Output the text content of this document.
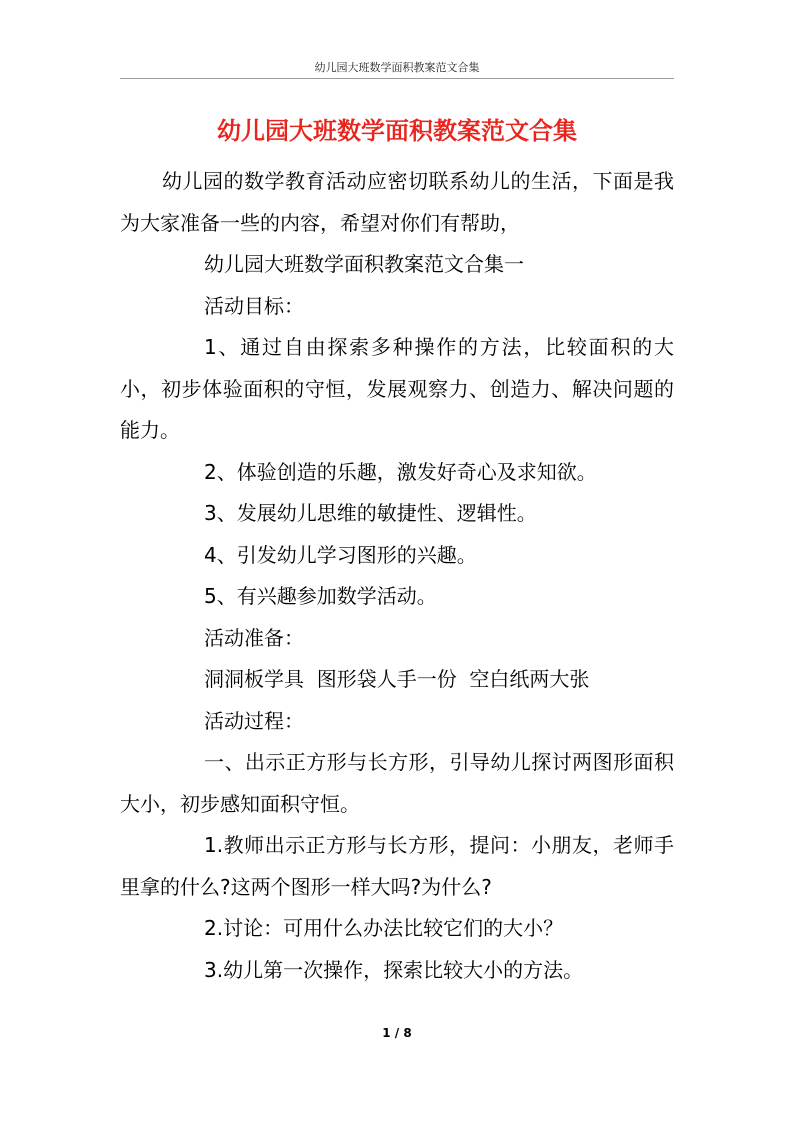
幼儿园大班数学面积教案范文合集
幼儿园大班数学面积教案范文合集

幼儿园的数学教育活动应密切联系幼儿的生活，下面是我为大家准备一些的内容，希望对你们有帮助，

幼儿园大班数学面积教案范文合集一

活动目标：

1、通过自由探索多种操作的方法，比较面积的大小，初步体验面积的守恒，发展观察力、创造力、解决问题的能力。

2、体验创造的乐趣，激发好奇心及求知欲。

3、发展幼儿思维的敏捷性、逻辑性。

4、引发幼儿学习图形的兴趣。

5、有兴趣参加数学活动。

活动准备：

洞洞板学具  图形袋人手一份  空白纸两大张

活动过程：

一、出示正方形与长方形，引导幼儿探讨两图形面积大小，初步感知面积守恒。

1.教师出示正方形与长方形，提问：小朋友，老师手里拿的什么?这两个图形一样大吗?为什么?

2.讨论：可用什么办法比较它们的大小？

3.幼儿第一次操作，探索比较大小的方法。

1 / 8
